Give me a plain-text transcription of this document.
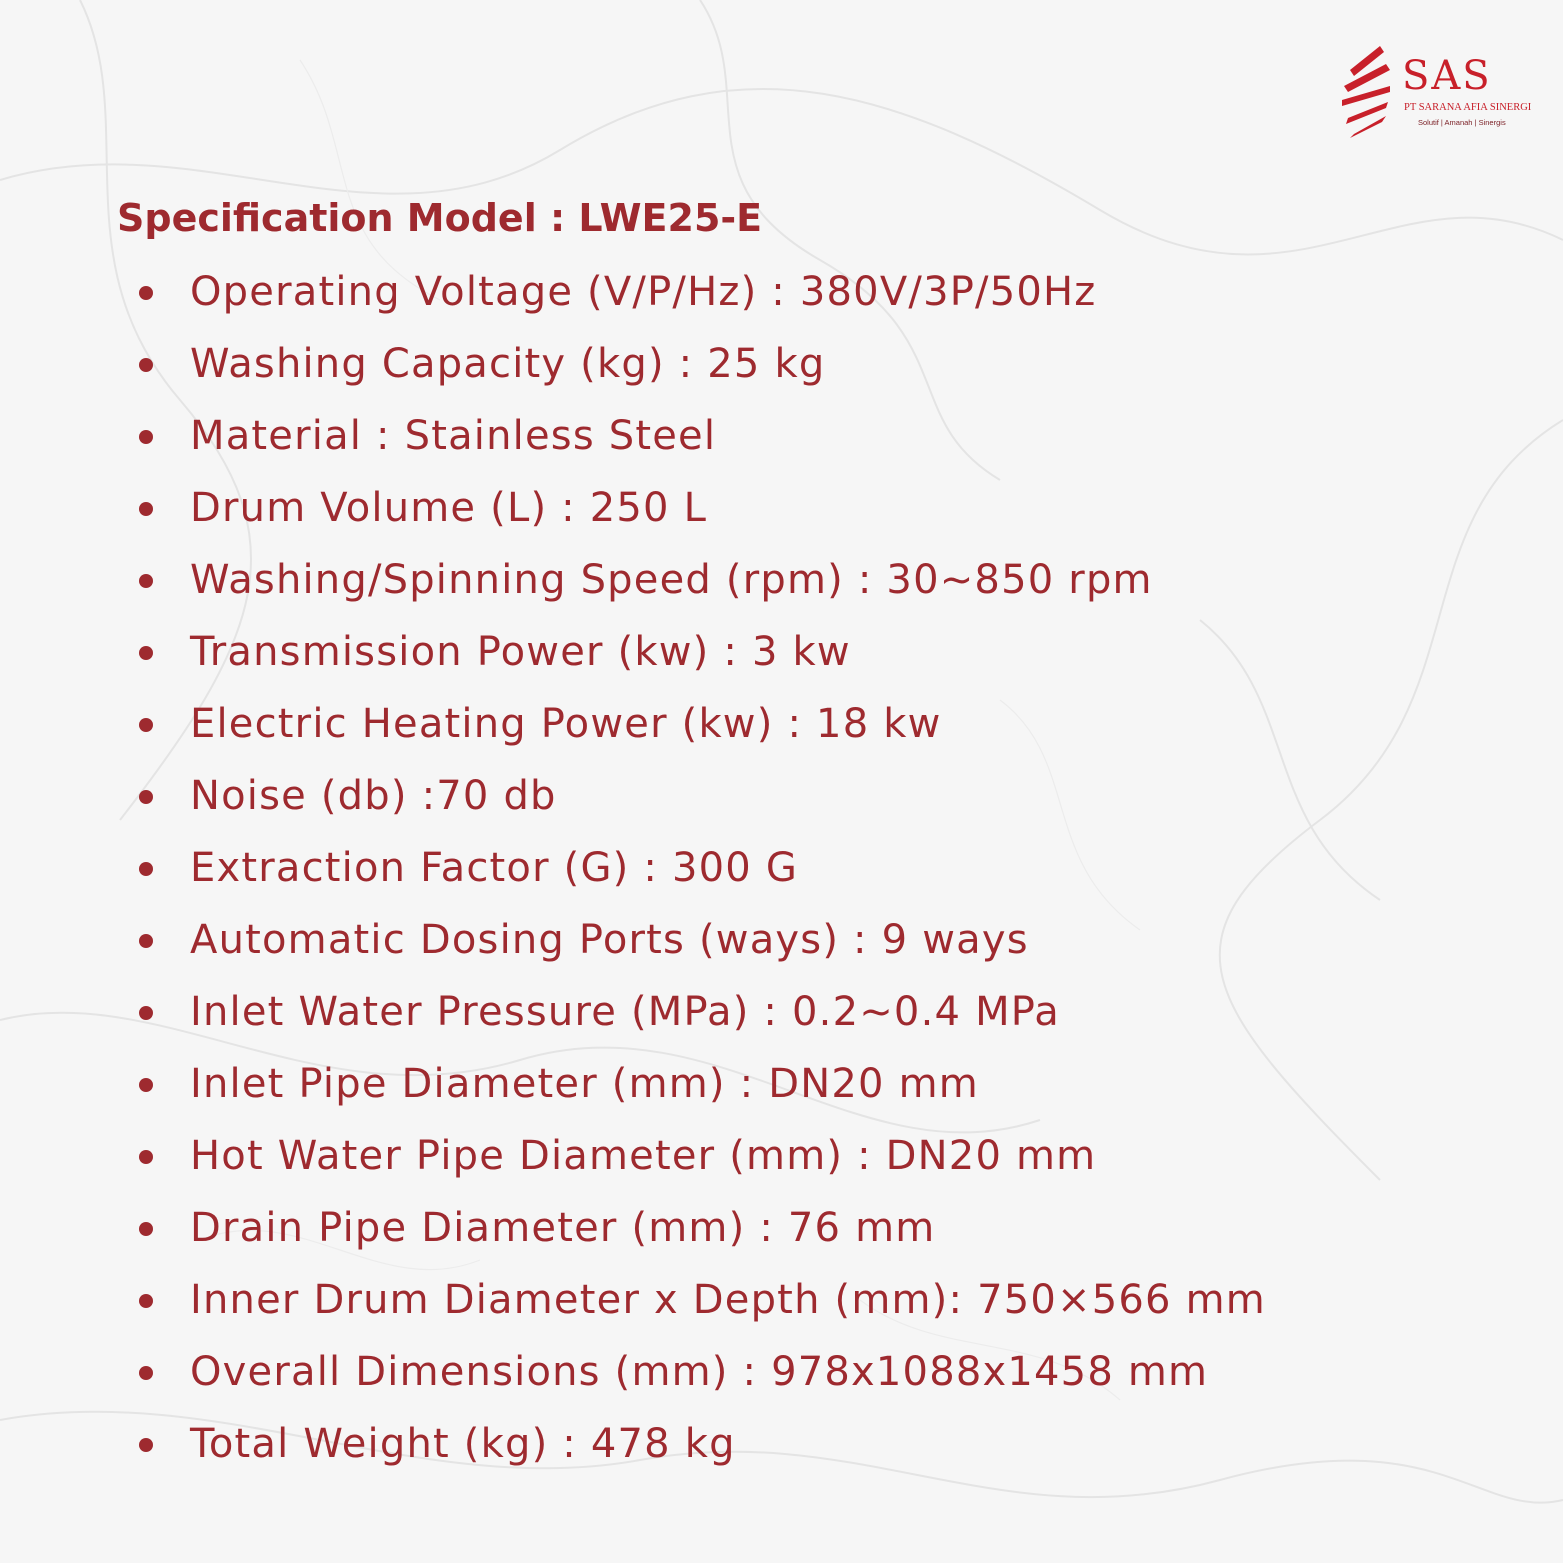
SAS
PT SARANA AFIA SINERGI
Solutif | Amanah | Sinergis
Specification Model : LWE25-E
Operating Voltage (V/P/Hz) : 380V/3P/50Hz
Washing Capacity (kg) : 25 kg
Material : Stainless Steel
Drum Volume (L) : 250 L
Washing/Spinning Speed (rpm) : 30~850 rpm
Transmission Power (kw) : 3 kw
Electric Heating Power (kw) : 18 kw
Noise (db) :70 db
Extraction Factor (G) : 300 G
Automatic Dosing Ports (ways) : 9 ways
Inlet Water Pressure (MPa) : 0.2~0.4 MPa
Inlet Pipe Diameter (mm) : DN20 mm
Hot Water Pipe Diameter (mm) : DN20 mm
Drain Pipe Diameter (mm) : 76 mm
Inner Drum Diameter x Depth (mm): 750×566 mm
Overall Dimensions (mm) : 978x1088x1458 mm
Total Weight (kg) : 478 kg
